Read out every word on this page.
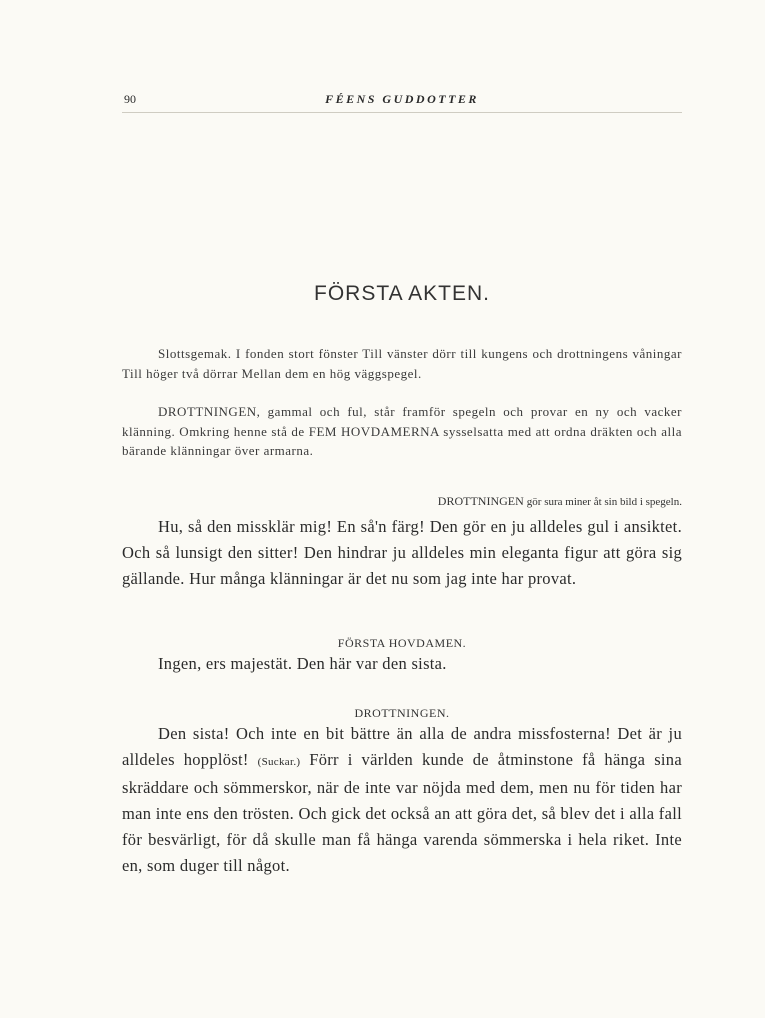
90	FÉENS GUDDOTTER
FÖRSTA AKTEN.

Slottsgemak. I fonden stort fönster Till vänster dörr till kungens och drottningens våningar Till höger två dörrar Mellan dem en hög väggspegel.

DROTTNINGEN, gammal och ful, står framför spegeln och provar en ny och vacker klänning. Omkring henne stå de FEM HOVDAMERNA sysselsatta med att ordna dräkten och alla bärande klänningar över armarna.

DROTTNINGEN gör sura miner åt sin bild i spegeln.

Hu, så den missklär mig! En så'n färg! Den gör en ju alldeles gul i ansiktet. Och så lunsigt den sitter! Den hindrar ju alldeles min eleganta figur att göra sig gällande. Hur många klänningar är det nu som jag inte har provat.

FÖRSTA HOVDAMEN.

Ingen, ers majestät. Den här var den sista.

DROTTNINGEN.

Den sista! Och inte en bit bättre än alla de andra missfosterna! Det är ju alldeles hopplöst! (Suckar.) Förr i världen kunde de åtminstone få hänga sina skräddare och sömmerskor, när de inte var nöjda med dem, men nu för tiden har man inte ens den trösten. Och gick det också an att göra det, så blev det i alla fall för besvärligt, för då skulle man få hänga varenda sömmerska i hela riket. Inte en, som duger till något.
